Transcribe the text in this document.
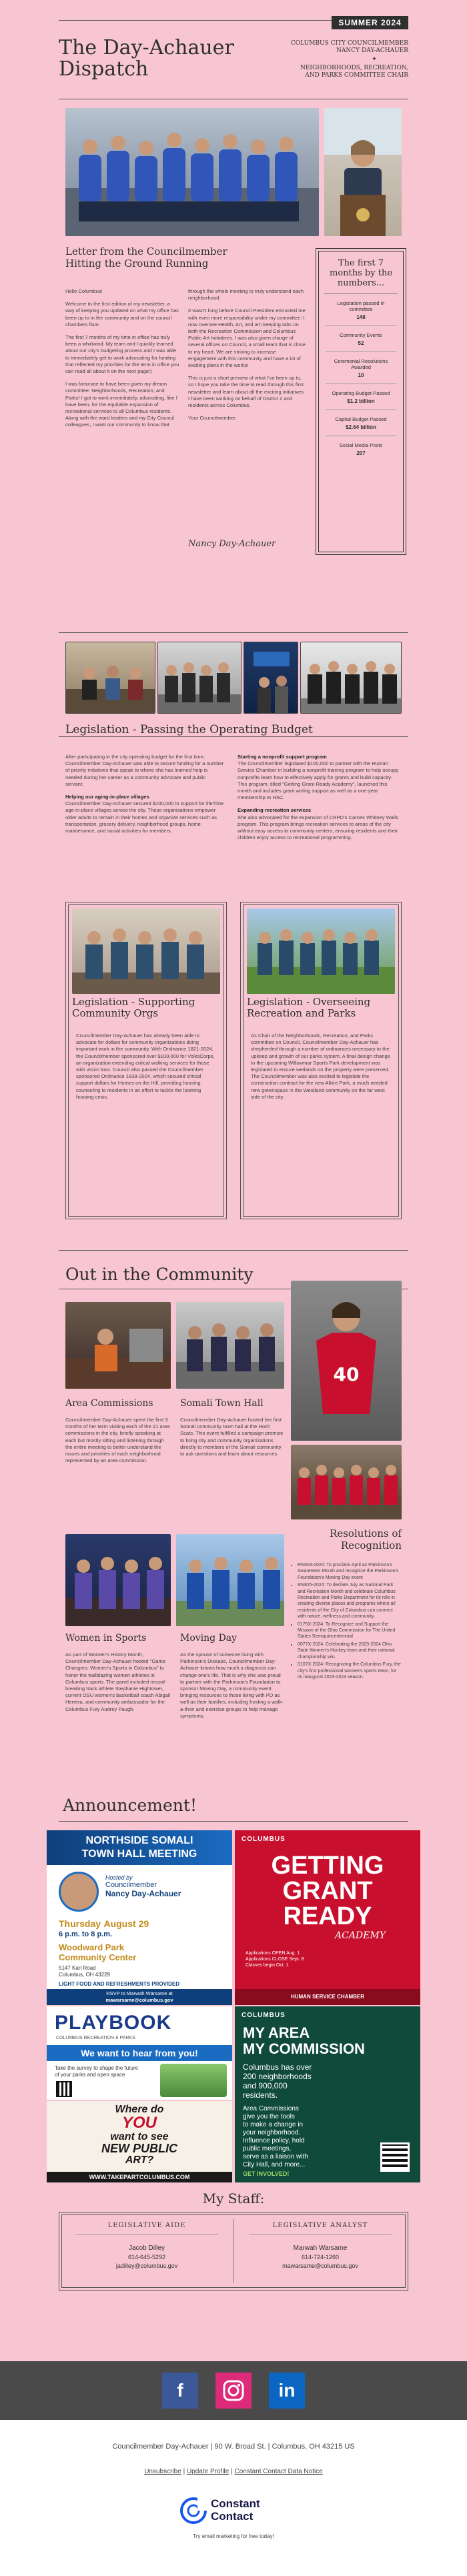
SUMMER 2024
The Day-Achauer
Dispatch
COLUMBUS CITY COUNCILMEMBER
NANCY DAY-ACHAUER
✦
NEIGHBORHOODS, RECREATION,
AND PARKS COMMITTEE CHAIR
Letter from the Councilmember
Hitting the Ground Running

Hello Columbus!

Welcome to the first edition of my newsletter, a way of keeping you updated on what my office has been up to in the community and on the council chambers floor.

The first 7 months of my time in office has truly been a whirlwind. My team and I quickly learned about our city's budgeting process and I was able to immediately get to work advocating for funding that reflected my priorities for the term in office you can read all about it on the next page!)

I was fortunate to have been given my dream committee: Neighborhoods, Recreation, and Parks! I got to work immediately, advocating, like I have been, for the equitable expansion of recreational services to all Columbus residents. Along with the ward leaders and my City Council colleagues, I want our community to know that

through the whole meeting to truly understand each neighborhood.

It wasn't long before Council President entrusted me with even more responsibility under my committee: I now oversee Health, Art, and am keeping tabs on both the Recreation Commission and Columbus Public Art Initiatives. I was also given charge of several offices on Council, a small team that is close to my heart. We are striving to increase engagement with this community and have a lot of exciting plans in the works!

This is just a short preview of what I've been up to, so I hope you take the time to read through this first newsletter and learn about all the exciting initiatives I have been working on behalf of District 2 and residents across Columbus.

Your Councilmember,

Nancy Day-Achauer
The first 7
months by the
numbers...
Legislation passed in committee
148
Community Events
52
Ceremonial Resolutions Awarded
10
Operating Budget Passed
$1.2 billion
Capital Budget Passed
$2.64 billion
Social Media Posts
207
Legislation - Passing the Operating Budget

After participating in the city operating budget for the first time, Councilmember Day-Achauer was able to secure funding for a number of priority initiatives that speak to where she has learned help is needed during her career as a community advocate and public servant:

Helping our aging-in-place villages

Councilmember Day-Achauer secured $100,000 in support for lifeTime age-in-place villages across the city. These organizations empower older adults to remain in their homes and organize services such as transportation, grocery delivery, neighborhood groups, home maintenance, and social activities for members.

Starting a nonprofit support program

The Councilmember legislated $100,000 to partner with the Human Service Chamber in building a nonprofit training program to help occupy nonprofits learn how to effectively apply for grants and build capacity. This program, titled "Getting Grant Ready Academy", launched this month and includes grant writing support as well as a one-year membership to HSC.

Expanding recreation services

She also advocated for the expansion of CRPD's Carnes Whitney Walls program. This program brings recreation services to areas of the city without easy access to community centers, ensuring residents and their children enjoy access to recreational programming.

Legislation - Supporting
Community Orgs
Councilmember Day-Achauer has already been able to advocate for dollars for community organizations doing important work in the community. With Ordinance 1821-2024, the Councilmember sponsored over $100,000 for VolksCorps, an organization extending critical walking services for those with vision loss. Council also passed the Councilmember sponsored Ordinance 1838-2024, which secured critical support dollars for Homes on the Hill, providing housing counseling to residents in an effort to tackle the looming housing crisis.
Legislation - Overseeing
Recreation and Parks
As Chair of the Neighborhoods, Recreation, and Parks committee on Council, Councilmember Day-Achauer has shepherded through a number of ordinances necessary to the upkeep and growth of our parks system. A final design change to the upcoming Willowmar Sports Park development was legislated to ensure wetlands on the property were preserved. The Councilmember was also excited to legislate the construction contract for the new Alkire Park, a much needed new greenspace in the Westland community on the far west side of the city.
Out in the Community
40
Area Commissions
Councilmember Day-Achauer spent the first 3 months of her term visiting each of the 21 area commissions in the city, briefly speaking at each but mostly sitting and listening through the entire meeting to better understand the issues and priorities of each neighborhood represented by an area commission.
Somali Town Hall
Councilmember Day-Achauer hosted her first Somali community town hall at the Hoch Scats. This event fulfilled a campaign promise to bring city and community organizations directly to members of the Somali community to ask questions and learn about resources.
Resolutions of
Recognition
• RN803-2024: To proclaim April as Parkinson's Awareness Month and recognize the Parkinson's Foundation's Moving Day event
• RN825-2024: To declare July as National Park and Recreation Month and celebrate Columbus Recreation and Parks Department for its role in creating diverse places and programs where all residents of the City of Columbus can connect with nature, wellness and community.
• 0175X-2024: To Recognize and Support the Mission of the Ohio Commission for The United States Semiquincentennial
• 0077X-2024: Celebrating the 2023-2024 Ohio State Women's Hockey team and their national championship win.
• 0107X-2024: Recognizing the Columbus Fury, the city's first professional women's sports team, for its inaugural 2023-2024 season.
Women in Sports
As part of Women's History Month, Councilmember Day-Achauer hosted "Game Changers: Women's Sports in Columbus" to honor the trailblazing women athletes in Columbus sports. The panel included record-breaking track athlete Stephanie Hightower, current OSU women's basketball coach Abigail Herrera, and community ambassador for the Columbus Fury Audrey Paugh.
Moving Day
As the spouse of someone living with Parkinson's Disease, Councilmember Day-Achauer knows how much a diagnosis can change one's life. That is why she was proud to partner with the Parkinson's Foundation to sponsor Moving Day, a community event bringing resources to those living with PD as well as their families, including hosting a walk-a-thon and exercise groups to help manage symptoms.
Announcement!
NORTHSIDE SOMALI
TOWN HALL MEETING
Hosted by
Councilmember
Nancy Day-Achauer
Thursday August 29
6 p.m. to 8 p.m.
Woodward Park
Community Center
5147 Karl Road
Columbus, OH 43229
LIGHT FOOD AND REFRESHMENTS PROVIDED
RSVP to Marwah Warsame at
mawarsame@columbus.gov
COLUMBUS
GETTING
GRANT
READY
ACADEMY
Applications OPEN Aug. 1
Applications CLOSE Sept. 8
Classes begin Oct. 1
HUMAN SERVICE CHAMBER
PLAYBOOK
COLUMBUS RECREATION & PARKS
We want to hear from you!
Take the survey to shape the future
of your parks and open space
Where do
YOU
want to see
NEW PUBLIC
ART?
WWW.TAKEPARTCOLUMBUS.COM
COLUMBUS
MY AREA
MY COMMISSION
Columbus has over
200 neighborhoods
and 900,000
residents.
Area Commissions
give you the tools
to make a change in
your neighborhood.
Influence policy, hold
public meetings,
serve as a liaison with
City Hall, and more...
GET INVOLVED!
My Staff:
LEGISLATIVE AIDE
Jacob Dilley
614-645-5292
jadilley@columbus.gov
LEGISLATIVE ANALYST
Marwah Warsame
614-724-1260
mawarsame@columbus.gov
f	in
Councilmember Day-Achauer | 90 W. Broad St. | Columbus, OH 43215 US
Unsubscribe | Update Profile | Constant Contact Data Notice
Constant
Contact
Try email marketing for free today!
